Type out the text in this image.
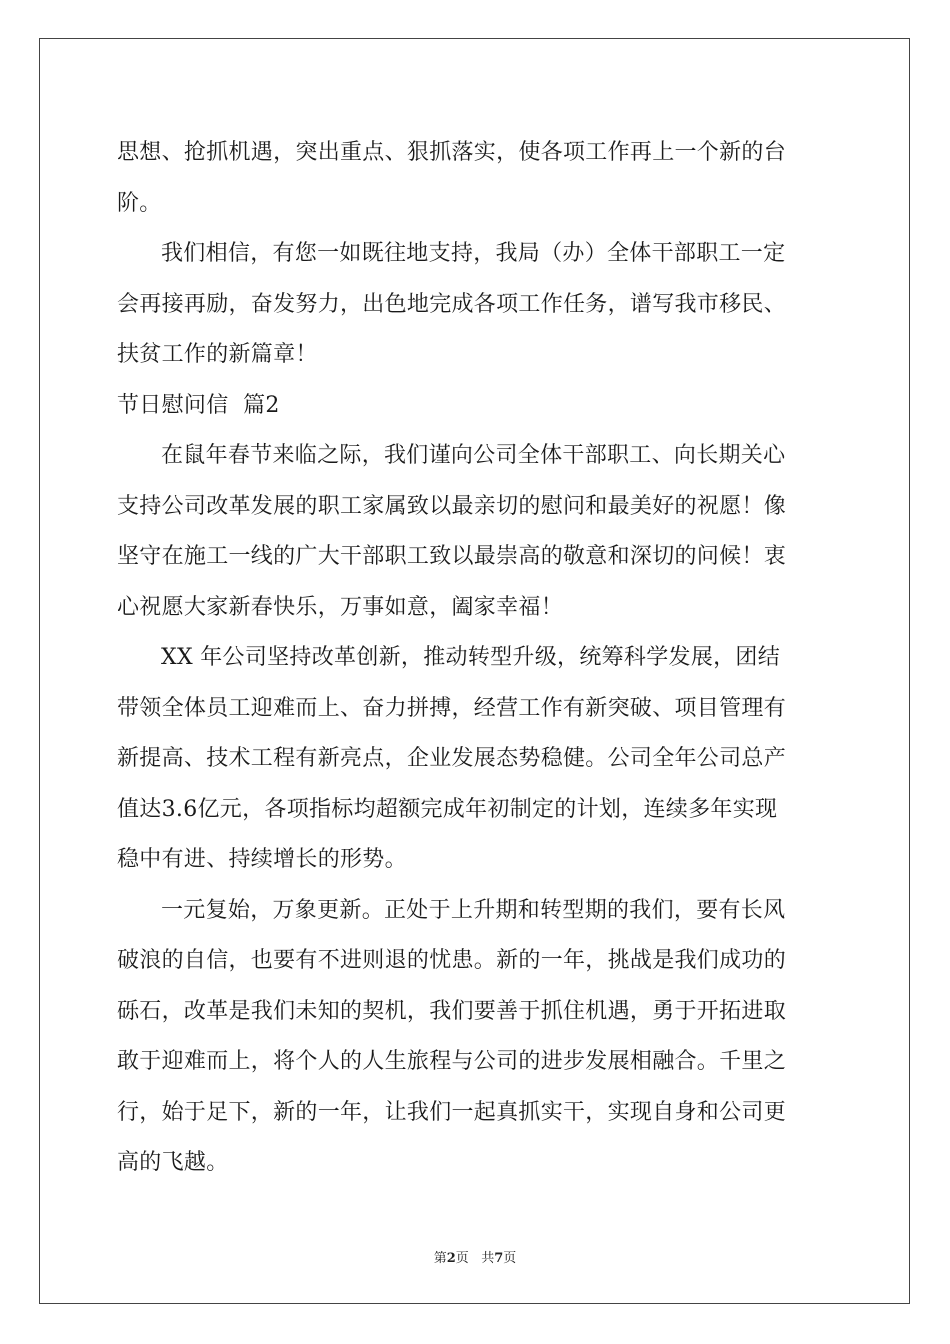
思想、抢抓机遇，突出重点、狠抓落实，使各项工作再上一个新的台
阶。
我们相信，有您一如既往地支持，我局（办）全体干部职工一定
会再接再励，奋发努力，出色地完成各项工作任务，谱写我市移民、
扶贫工作的新篇章！
节日慰问信  篇2
在鼠年春节来临之际，我们谨向公司全体干部职工、向长期关心
支持公司改革发展的职工家属致以最亲切的慰问和最美好的祝愿！像
坚守在施工一线的广大干部职工致以最崇高的敬意和深切的问候！衷
心祝愿大家新春快乐，万事如意，阖家幸福！
XX 年公司坚持改革创新，推动转型升级，统筹科学发展，团结
带领全体员工迎难而上、奋力拼搏，经营工作有新突破、项目管理有
新提高、技术工程有新亮点，企业发展态势稳健。公司全年公司总产
值达3.6亿元，各项指标均超额完成年初制定的计划，连续多年实现
稳中有进、持续增长的形势。
一元复始，万象更新。正处于上升期和转型期的我们，要有长风
破浪的自信，也要有不进则退的忧患。新的一年，挑战是我们成功的
砾石，改革是我们未知的契机，我们要善于抓住机遇，勇于开拓进取
敢于迎难而上，将个人的人生旅程与公司的进步发展相融合。千里之
行，始于足下，新的一年，让我们一起真抓实干，实现自身和公司更
高的飞越。
第2页   共7页
